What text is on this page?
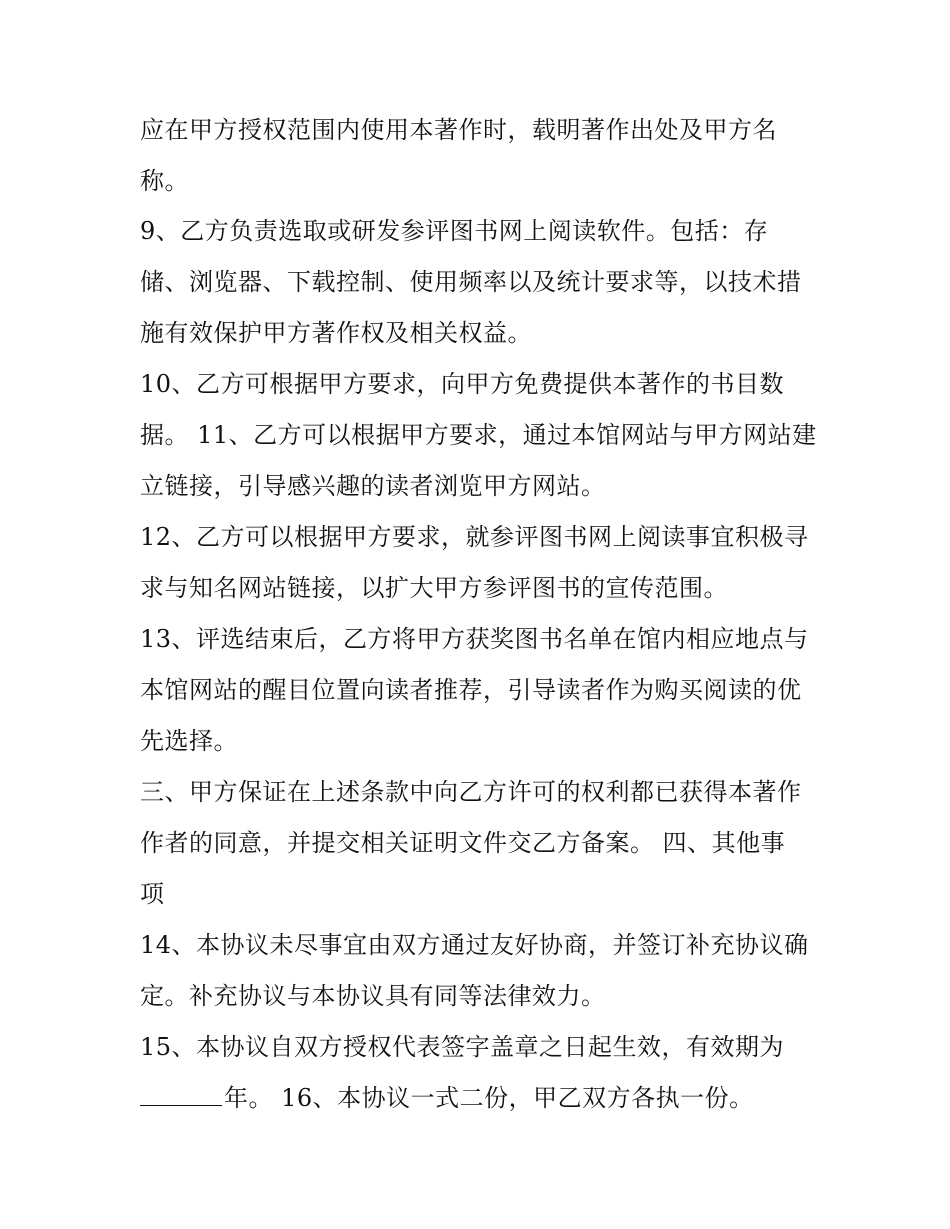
应在甲方授权范围内使用本著作时，载明著作出处及甲方名
称。
9、乙方负责选取或研发参评图书网上阅读软件。包括：存
储、浏览器、下载控制、使用频率以及统计要求等，以技术措
施有效保护甲方著作权及相关权益。
10、乙方可根据甲方要求，向甲方免费提供本著作的书目数
据。 11、乙方可以根据甲方要求，通过本馆网站与甲方网站建
立链接，引导感兴趣的读者浏览甲方网站。
12、乙方可以根据甲方要求，就参评图书网上阅读事宜积极寻
求与知名网站链接，以扩大甲方参评图书的宣传范围。
13、评选结束后，乙方将甲方获奖图书名单在馆内相应地点与
本馆网站的醒目位置向读者推荐，引导读者作为购买阅读的优
先选择。
三、甲方保证在上述条款中向乙方许可的权利都已获得本著作
作者的同意，并提交相关证明文件交乙方备案。 四、其他事
项
14、本协议未尽事宜由双方通过友好协商，并签订补充协议确
定。补充协议与本协议具有同等法律效力。
15、本协议自双方授权代表签字盖章之日起生效，有效期为
年。 16、本协议一式二份，甲乙双方各执一份。
